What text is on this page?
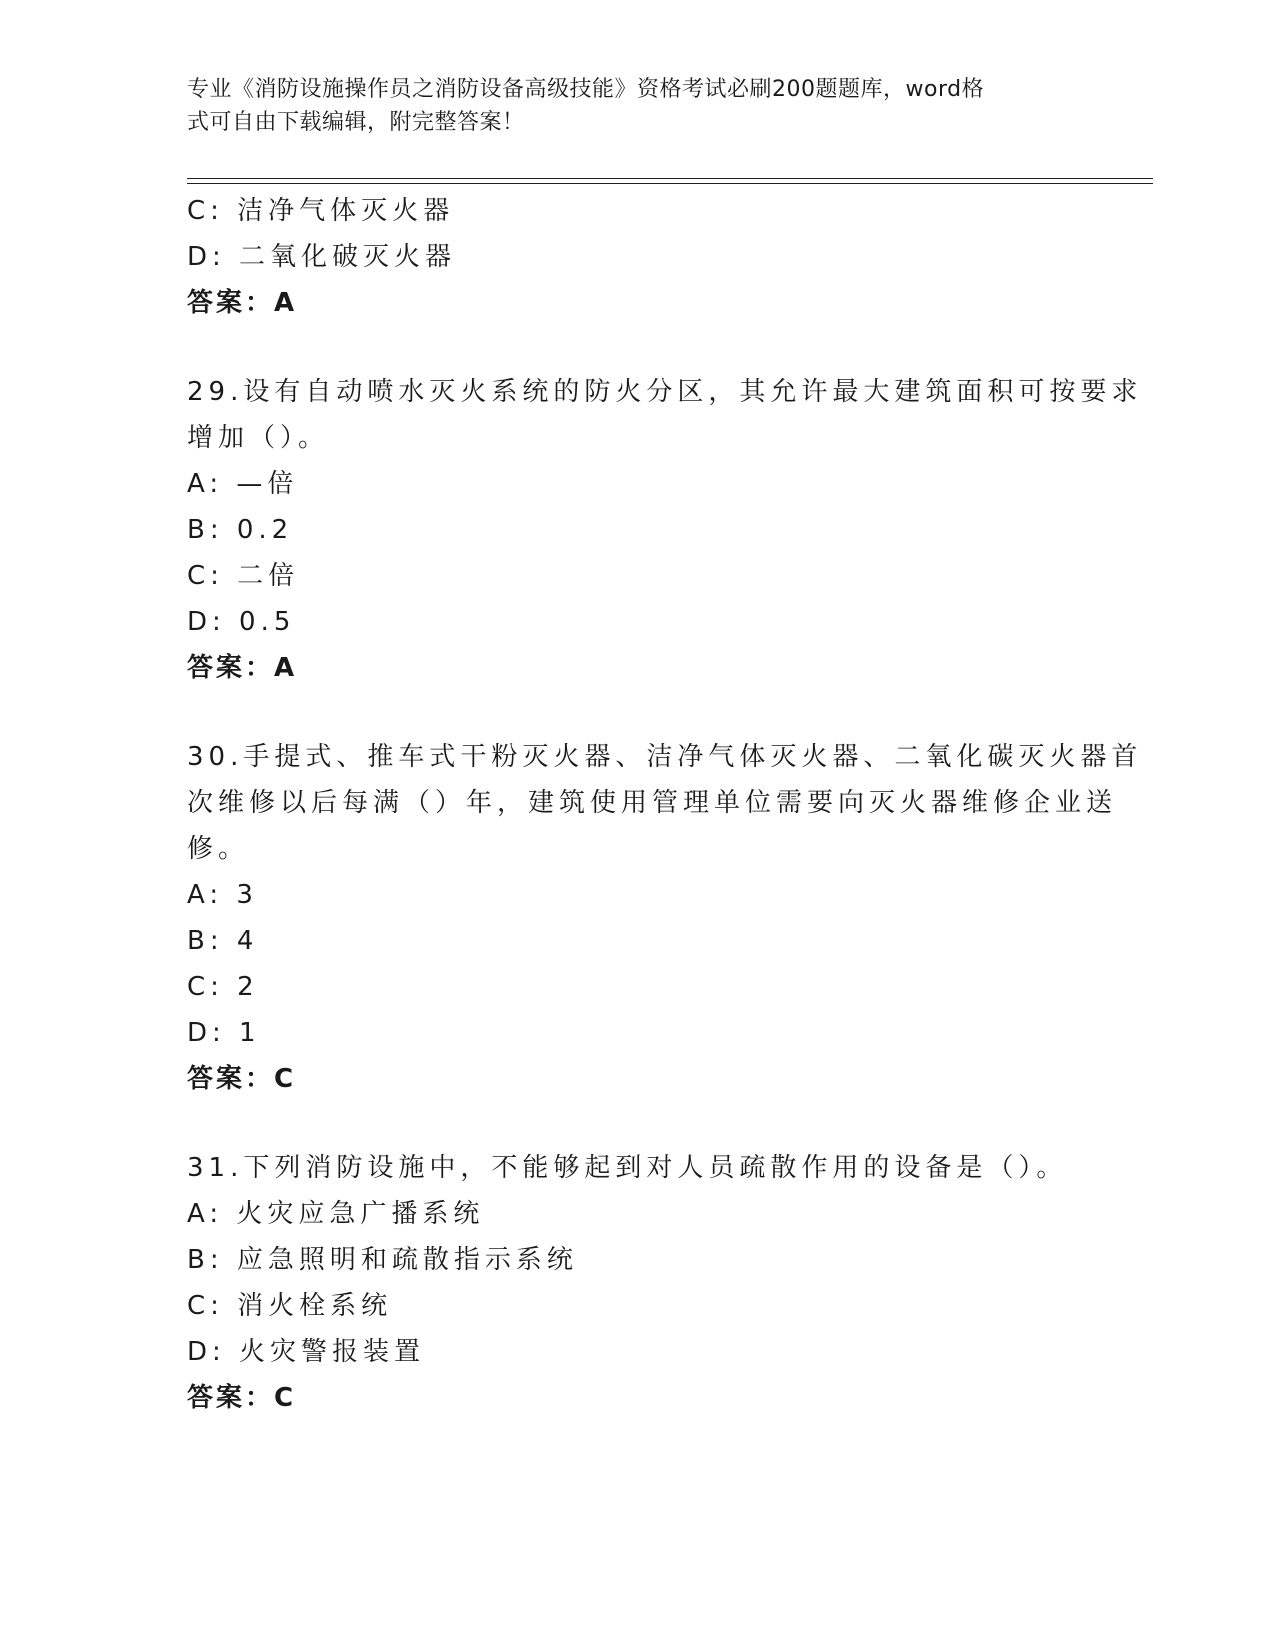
专业《消防设施操作员之消防设备高级技能》资格考试必刷200题题库，word格
式可自由下载编辑，附完整答案！
C: 洁净气体灭火器
D: 二氧化破灭火器
答案：A
29.设有自动喷水灭火系统的防火分区，其允许最大建筑面积可按要求
增加（）。
A: —倍
B: 0.2
C: 二倍
D: 0.5
答案：A
30.手提式、推车式干粉灭火器、洁净气体灭火器、二氧化碳灭火器首
次维修以后每满（）年，建筑使用管理单位需要向灭火器维修企业送
修。
A: 3
B: 4
C: 2
D: 1
答案：C
31.下列消防设施中，不能够起到对人员疏散作用的设备是（）。
A: 火灾应急广播系统
B: 应急照明和疏散指示系统
C: 消火栓系统
D: 火灾警报装置
答案：C
